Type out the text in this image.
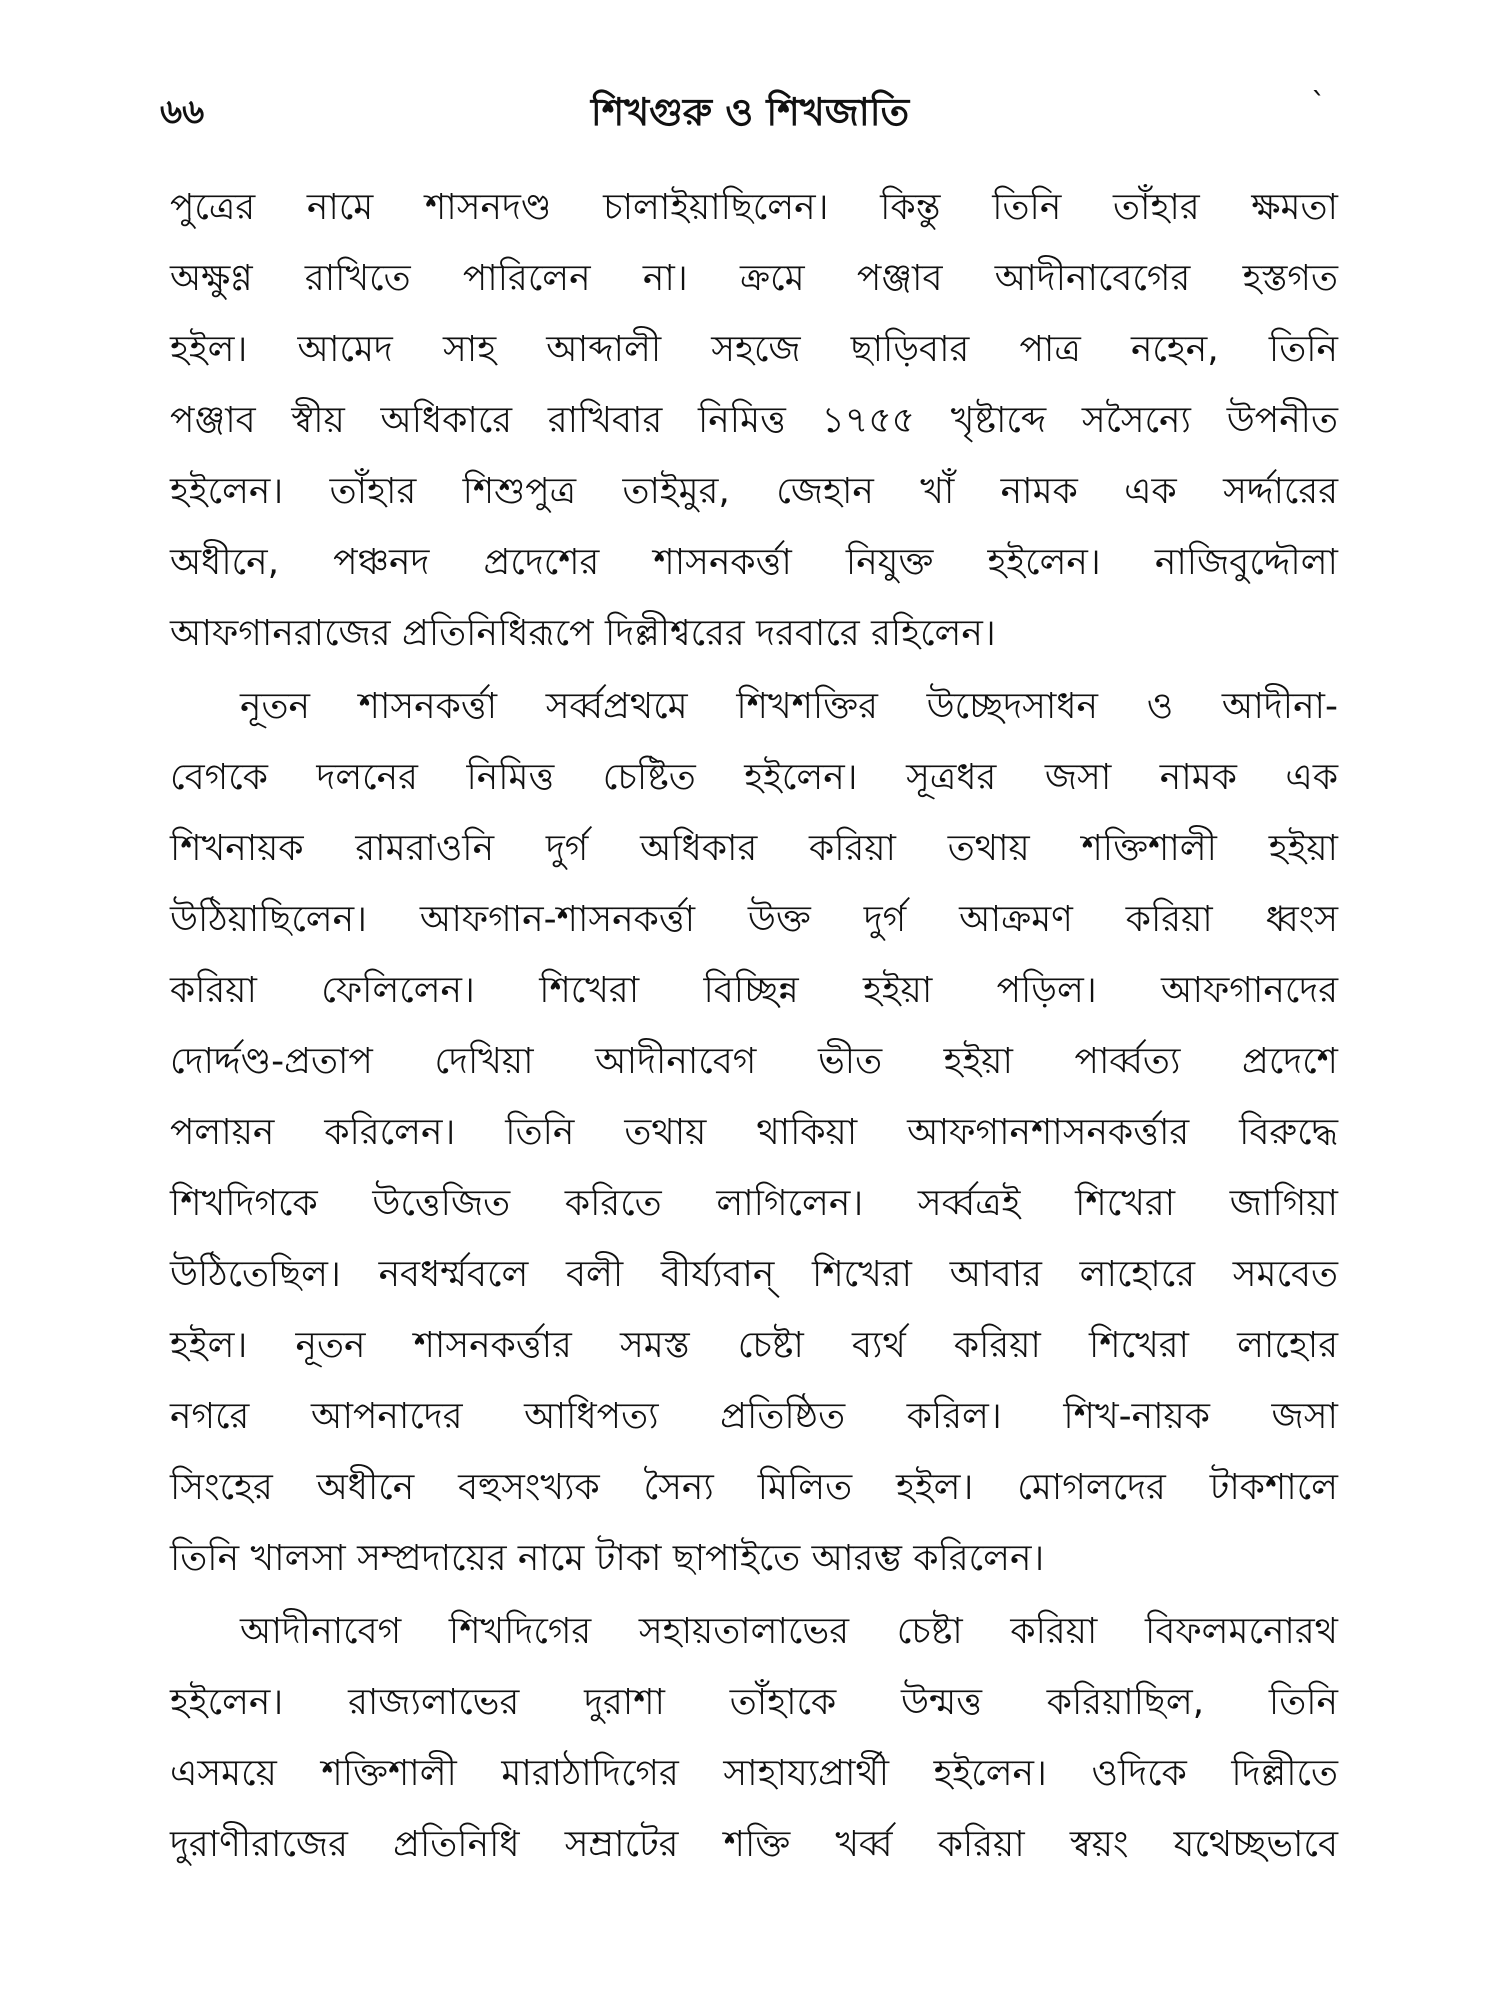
৬৬	শিখগুরু ও শিখজাতি	`
পুত্রের নামে শাসনদণ্ড চালাইয়াছিলেন। কিন্তু তিনি তাঁহার ক্ষমতা
অক্ষুণ্ণ রাখিতে পারিলেন না। ক্রমে পঞ্জাব আদীনাবেগের হস্তগত
হইল। আমেদ সাহ আব্দালী সহজে ছাড়িবার পাত্র নহেন, তিনি
পঞ্জাব স্বীয় অধিকারে রাখিবার নিমিত্ত ১৭৫৫ খৃষ্টাব্দে সসৈন্যে উপনীত
হইলেন। তাঁহার শিশুপুত্র তাইমুর, জেহান খাঁ নামক এক সর্দ্দারের
অধীনে, পঞ্চনদ প্রদেশের শাসনকর্ত্তা নিযুক্ত হইলেন। নাজিবুদ্দৌলা
আফগানরাজের প্রতিনিধিরূপে দিল্লীশ্বরের দরবারে রহিলেন।
নূতন শাসনকর্ত্তা সর্ব্বপ্রথমে শিখশক্তির উচ্ছেদসাধন ও আদীনা-
বেগকে দলনের নিমিত্ত চেষ্টিত হইলেন। সূত্রধর জসা নামক এক
শিখনায়ক রামরাওনি দুর্গ অধিকার করিয়া তথায় শক্তিশালী হইয়া
উঠিয়াছিলেন। আফগান-শাসনকর্ত্তা উক্ত দুর্গ আক্রমণ করিয়া ধ্বংস
করিয়া ফেলিলেন। শিখেরা বিচ্ছিন্ন হইয়া পড়িল। আফগানদের
দোর্দ্দণ্ড-প্রতাপ দেখিয়া আদীনাবেগ ভীত হইয়া পার্ব্বত্য প্রদেশে
পলায়ন করিলেন। তিনি তথায় থাকিয়া আফগানশাসনকর্ত্তার বিরুদ্ধে
শিখদিগকে উত্তেজিত করিতে লাগিলেন। সর্ব্বত্রই শিখেরা জাগিয়া
উঠিতেছিল। নবধর্ম্মবলে বলী বীর্য্যবান্ শিখেরা আবার লাহোরে সমবেত
হইল। নূতন শাসনকর্ত্তার সমস্ত চেষ্টা ব্যর্থ করিয়া শিখেরা লাহোর
নগরে আপনাদের আধিপত্য প্রতিষ্ঠিত করিল। শিখ-নায়ক জসা
সিংহের অধীনে বহুসংখ্যক সৈন্য মিলিত হইল। মোগলদের টাকশালে
তিনি খালসা সম্প্রদায়ের নামে টাকা ছাপাইতে আরম্ভ করিলেন।
আদীনাবেগ শিখদিগের সহায়তালাভের চেষ্টা করিয়া বিফলমনোরথ
হইলেন। রাজ্যলাভের দুরাশা তাঁহাকে উন্মত্ত করিয়াছিল, তিনি
এসময়ে শক্তিশালী মারাঠাদিগের সাহায্যপ্রার্থী হইলেন। ওদিকে দিল্লীতে
দুরাণীরাজের প্রতিনিধি সম্রাটের শক্তি খর্ব্ব করিয়া স্বয়ং যথেচ্ছভাবে
